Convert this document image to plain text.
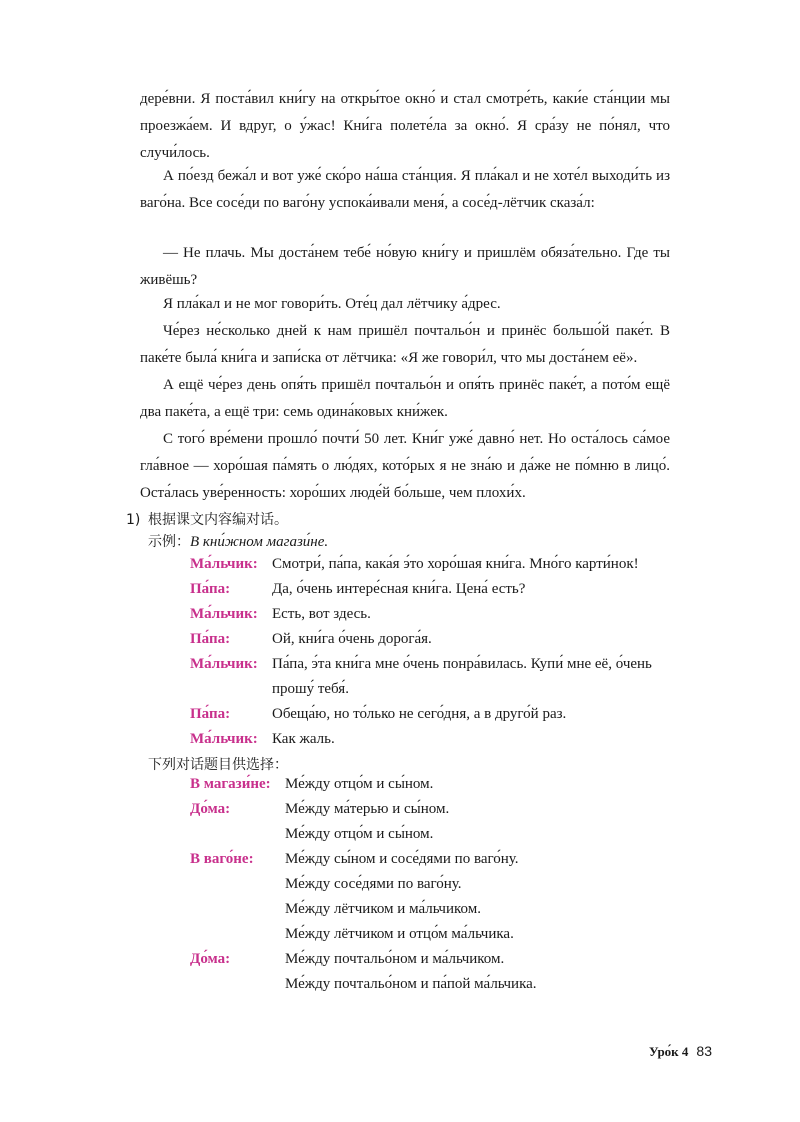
дере́вни. Я поста́вил кни́гу на откры́тое окно́ и стал смотре́ть, каки́е ста́нции мы проезжа́ем. И вдруг, о у́жас! Кни́га полете́ла за окно́. Я сра́зу не по́нял, что случи́лось.

А по́езд бежа́л и вот уже́ ско́ро на́ша ста́нция. Я пла́кал и не хоте́л выходи́ть из ваго́на. Все сосе́ди по ваго́ну успока́ивали меня́, а сосе́д-лётчик сказа́л:

— Не плачь. Мы доста́нем тебе́ но́вую кни́гу и пришлём обяза́тельно. Где ты живёшь?

Я пла́кал и не мог говори́ть. Оте́ц дал лётчику а́дрес.

Че́рез не́сколько дней к нам пришёл почтальо́н и принёс большо́й паке́т. В паке́те была́ кни́га и запи́ска от лётчика: «Я же говори́л, что мы доста́нем её».

А ещё че́рез день опя́ть пришёл почтальо́н и опя́ть принёс паке́т, а пото́м ещё два паке́та, а ещё три: семь одина́ковых кни́жек.

С того́ вре́мени прошло́ почти́ 50 лет. Кни́г уже́ давно́ нет. Но оста́лось са́мое гла́вное — хоро́шая па́мять о лю́дях, кото́рых я не зна́ю и да́же не по́мню в лицо́. Оста́лась уве́ренность: хоро́ших люде́й бо́льше, чем плохи́х.

1) 根据课文内容编对话。
示例：В кни́жном магази́не.
Ма́льчик: Смотри́, па́па, кака́я э́то хоро́шая кни́га. Мно́го карти́нок!
Па́па:	Да, о́чень интере́сная кни́га. Цена́ есть?
Ма́льчик: Есть, вот здесь.
Па́па:	Ой, кни́га о́чень дорога́я.
Ма́льчик: Па́па, э́та кни́га мне о́чень понра́вилась. Купи́ мне её, о́чень прошу́ тебя́.
Па́па:	Обеща́ю, но то́лько не сего́дня, а в друго́й раз.
Ма́льчик: Как жаль.
下列对话题目供选择：
В магази́не: Ме́жду отцо́м и сы́ном.
До́ма:	Ме́жду ма́терью и сы́ном.
Ме́жду отцо́м и сы́ном.
В ваго́не: Ме́жду сы́ном и сосе́дями по ваго́ну.
Ме́жду сосе́дями по ваго́ну.
Ме́жду лётчиком и ма́льчиком.
Ме́жду лётчиком и отцо́м ма́льчика.
До́ма:	Ме́жду почтальо́ном и ма́льчиком.
Ме́жду почтальо́ном и па́пой ма́льчика.
Уро́к 4 83
